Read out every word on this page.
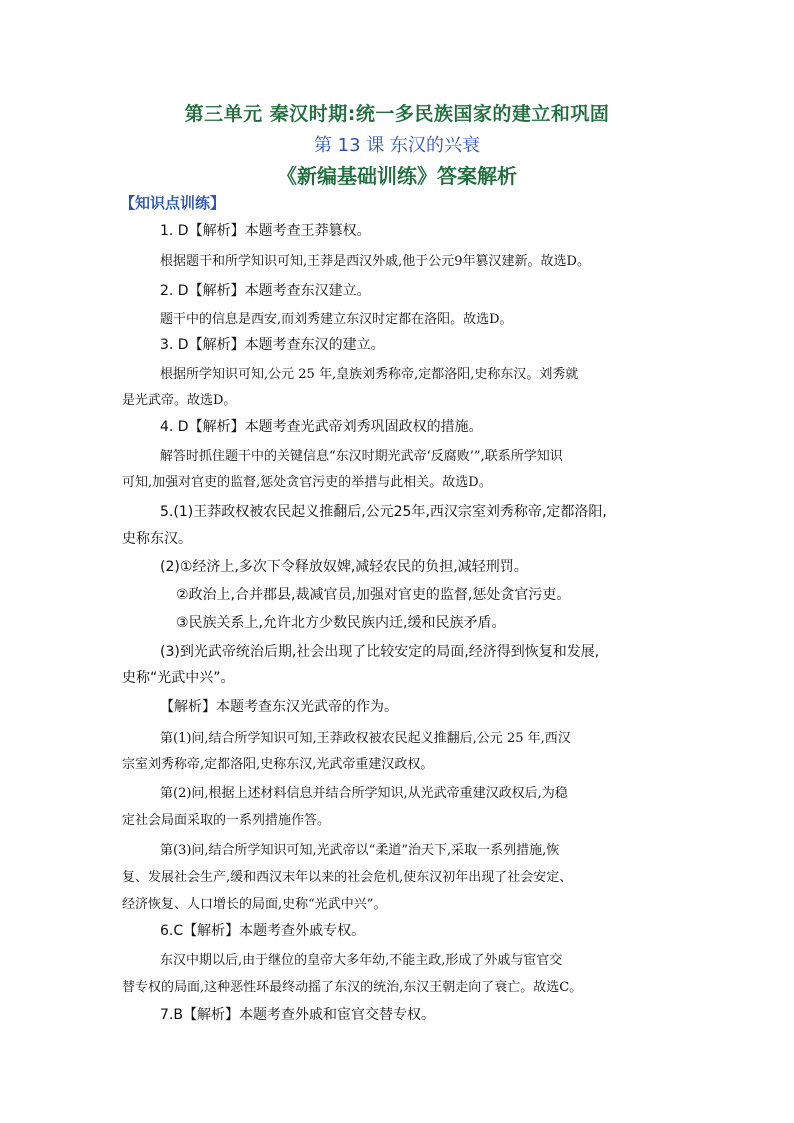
第三单元 秦汉时期:统一多民族国家的建立和巩固
第 13 课 东汉的兴衰
《新编基础训练》答案解析
【知识点训练】
1. D【解析】本题考查王莽篡权。
根据题干和所学知识可知,王莽是西汉外戚,他于公元9年篡汉建新。故选D。
2. D【解析】本题考查东汉建立。
题干中的信息是西安,而刘秀建立东汉时定都在洛阳。故选D。
3. D【解析】本题考查东汉的建立。
根据所学知识可知,公元 25 年,皇族刘秀称帝,定都洛阳,史称东汉。刘秀就
是光武帝。故选D。
4. D【解析】本题考查光武帝刘秀巩固政权的措施。
解答时抓住题干中的关键信息“东汉时期光武帝‘反腐败’”,联系所学知识
可知,加强对官吏的监督,惩处贪官污吏的举措与此相关。故选D。
5.(1)王莽政权被农民起义推翻后,公元25年,西汉宗室刘秀称帝,定都洛阳,
史称东汉。
(2)①经济上,多次下令释放奴婢,减轻农民的负担,减轻刑罚。
②政治上,合并郡县,裁减官员,加强对官吏的监督,惩处贪官污吏。
③民族关系上,允许北方少数民族内迁,缓和民族矛盾。
(3)到光武帝统治后期,社会出现了比较安定的局面,经济得到恢复和发展,
史称“光武中兴”。
【解析】本题考查东汉光武帝的作为。
第(1)问,结合所学知识可知,王莽政权被农民起义推翻后,公元 25 年,西汉
宗室刘秀称帝,定都洛阳,史称东汉,光武帝重建汉政权。
第(2)问,根据上述材料信息并结合所学知识,从光武帝重建汉政权后,为稳
定社会局面采取的一系列措施作答。
第(3)问,结合所学知识可知,光武帝以“柔道”治天下,采取一系列措施,恢
复、发展社会生产,缓和西汉末年以来的社会危机,使东汉初年出现了社会安定、
经济恢复、人口增长的局面,史称“光武中兴”。
6.C【解析】本题考查外戚专权。
东汉中期以后,由于继位的皇帝大多年幼,不能主政,形成了外戚与宦官交
替专权的局面,这种恶性环最终动摇了东汉的统治,东汉王朝走向了衰亡。故选C。
7.B【解析】本题考查外戚和宦官交替专权。
